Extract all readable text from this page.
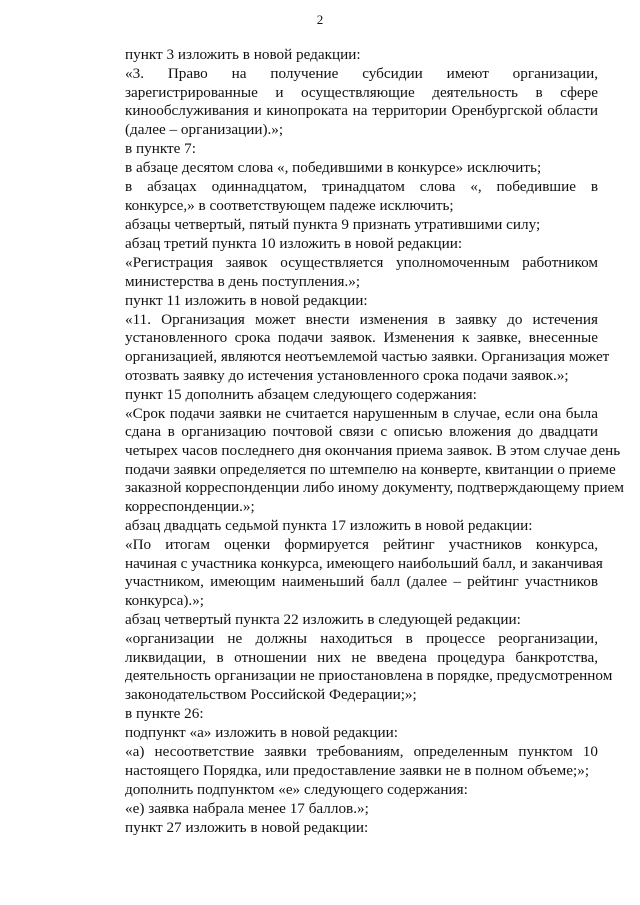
2
пункт 3 изложить в новой редакции:
«3. Право на получение субсидии имеют организации,
зарегистрированные и осуществляющие деятельность в сфере
кинообслуживания и кинопроката на территории Оренбургской области
(далее – организации).»;
в пункте 7:
в абзаце десятом слова «, победившими в конкурсе» исключить;
в абзацах одиннадцатом, тринадцатом слова «, победившие в
конкурсе,» в соответствующем падеже исключить;
абзацы четвертый, пятый пункта 9 признать утратившими силу;
абзац третий пункта 10 изложить в новой редакции:
«Регистрация заявок осуществляется уполномоченным работником
министерства в день поступления.»;
пункт 11 изложить в новой редакции:
«11. Организация может внести изменения в заявку до истечения
установленного срока подачи заявок. Изменения к заявке, внесенные
организацией, являются неотъемлемой частью заявки. Организация может
отозвать заявку до истечения установленного срока подачи заявок.»;
пункт 15 дополнить абзацем следующего содержания:
«Срок подачи заявки не считается нарушенным в случае, если она была
сдана в организацию почтовой связи с описью вложения до двадцати
четырех часов последнего дня окончания приема заявок. В этом случае день
подачи заявки определяется по штемпелю на конверте, квитанции о приеме
заказной корреспонденции либо иному документу, подтверждающему прием
корреспонденции.»;
абзац двадцать седьмой пункта 17 изложить в новой редакции:
«По итогам оценки формируется рейтинг участников конкурса,
начиная с участника конкурса, имеющего наибольший балл, и заканчивая
участником, имеющим наименьший балл (далее – рейтинг участников
конкурса).»;
абзац четвертый пункта 22 изложить в следующей редакции:
«организации не должны находиться в процессе реорганизации,
ликвидации, в отношении них не введена процедура банкротства,
деятельность организации не приостановлена в порядке, предусмотренном
законодательством Российской Федерации;»;
в пункте 26:
подпункт «а» изложить в новой редакции:
«а) несоответствие заявки требованиям, определенным пунктом 10
настоящего Порядка, или предоставление заявки не в полном объеме;»;
дополнить подпунктом «е» следующего содержания:
«е) заявка набрала менее 17 баллов.»;
пункт 27 изложить в новой редакции:
